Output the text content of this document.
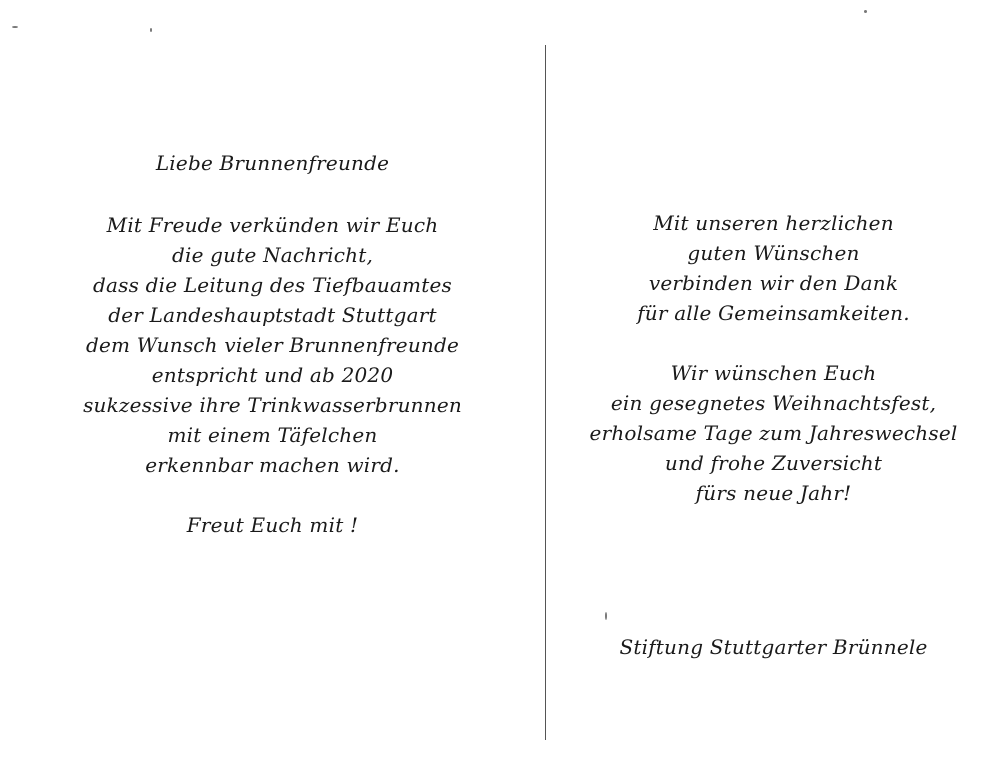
Liebe Brunnenfreunde
Mit Freude verkünden wir Euch
die gute Nachricht,
dass die Leitung des Tiefbauamtes
der Landeshauptstadt Stuttgart
dem Wunsch vieler Brunnenfreunde
entspricht und ab 2020
sukzessive ihre Trinkwasserbrunnen
mit einem Täfelchen
erkennbar machen wird.
Freut Euch mit !
Mit unseren herzlichen
guten Wünschen
verbinden wir den Dank
für alle Gemeinsamkeiten.
Wir wünschen Euch
ein gesegnetes Weihnachtsfest,
erholsame Tage zum Jahreswechsel
und frohe Zuversicht
fürs neue Jahr!
Stiftung Stuttgarter Brünnele
